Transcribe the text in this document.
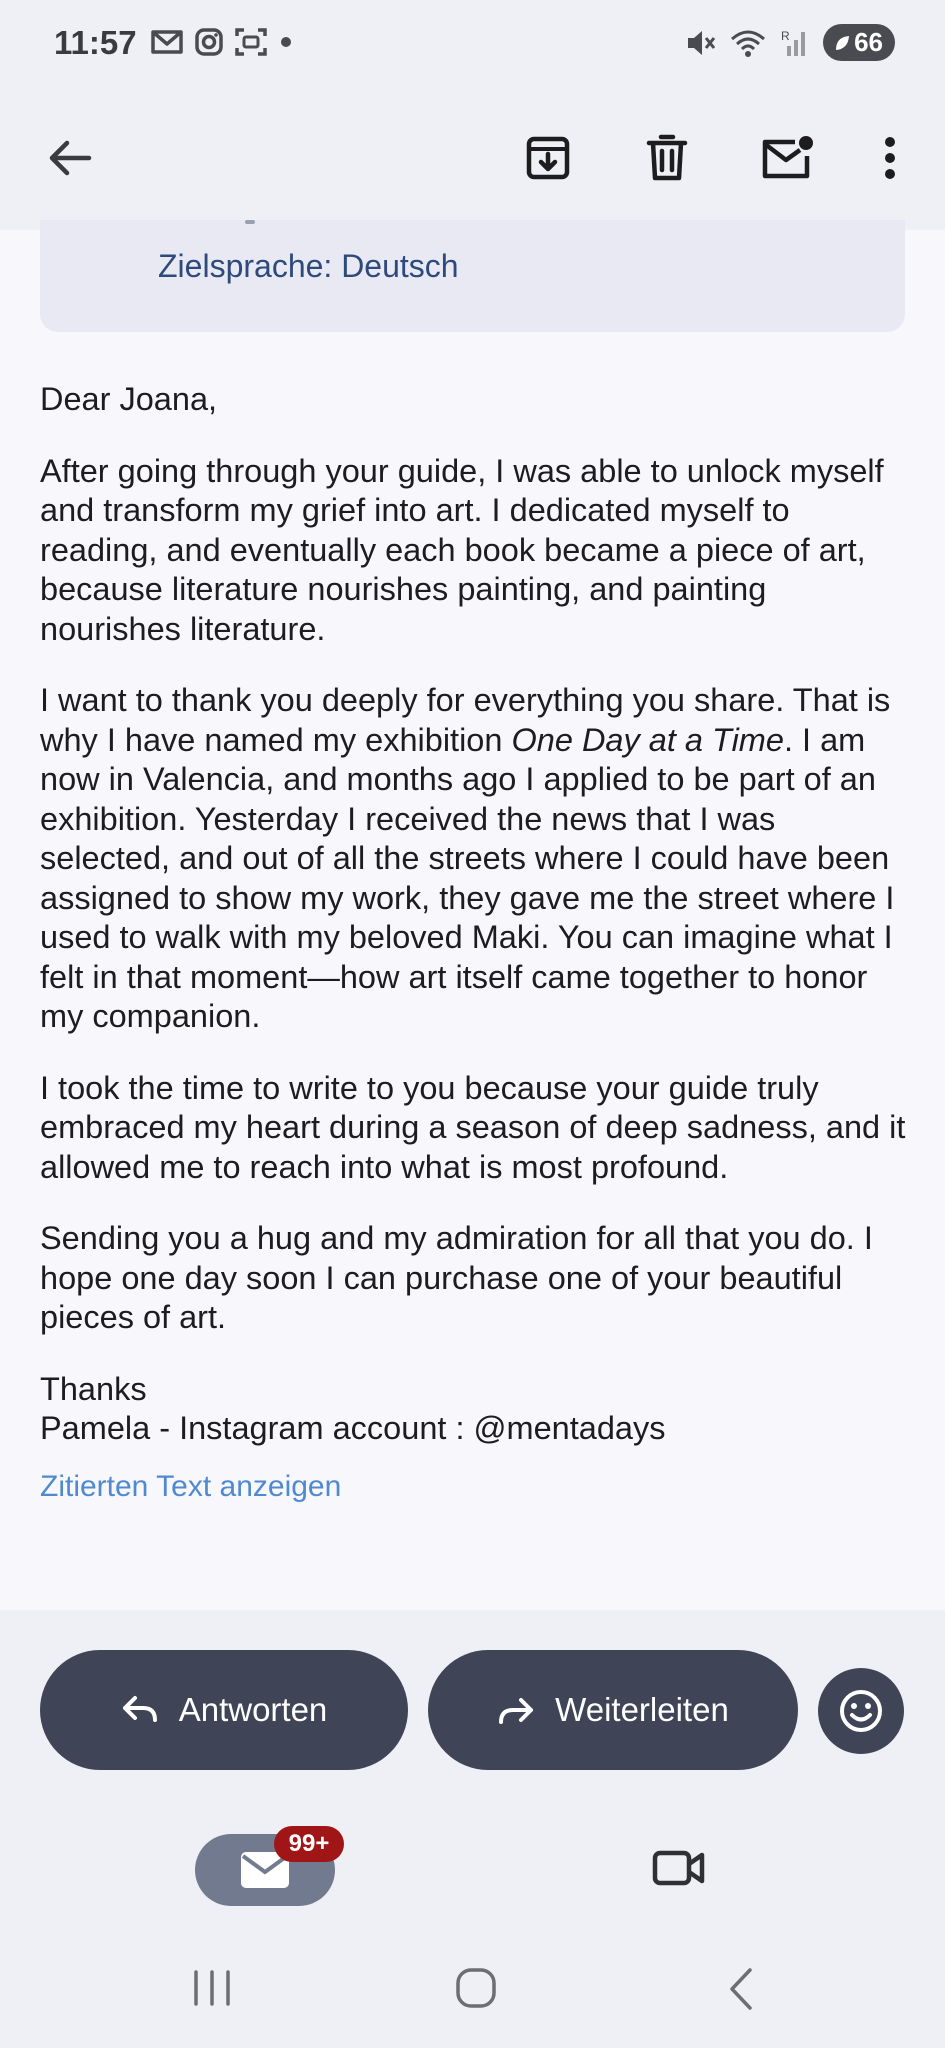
11:57	R 66
Zielsprache: Deutsch

Dear Joana,

After going through your guide, I was able to unlock myself and transform my grief into art. I dedicated myself to reading, and eventually each book became a piece of art, because literature nourishes painting, and painting nourishes literature.

I want to thank you deeply for everything you share. That is why I have named my exhibition One Day at a Time. I am now in Valencia, and months ago I applied to be part of an exhibition. Yesterday I received the news that I was selected, and out of all the streets where I could have been assigned to show my work, they gave me the street where I used to walk with my beloved Maki. You can imagine what I felt in that moment—how art itself came together to honor my companion.

I took the time to write to you because your guide truly embraced my heart during a season of deep sadness, and it allowed me to reach into what is most profound.

Sending you a hug and my admiration for all that you do. I hope one day soon I can purchase one of your beautiful pieces of art.

Thanks

Pamela - Instagram account : @mentadays

Zitierten Text anzeigen
Antworten	Weiterleiten
99+
